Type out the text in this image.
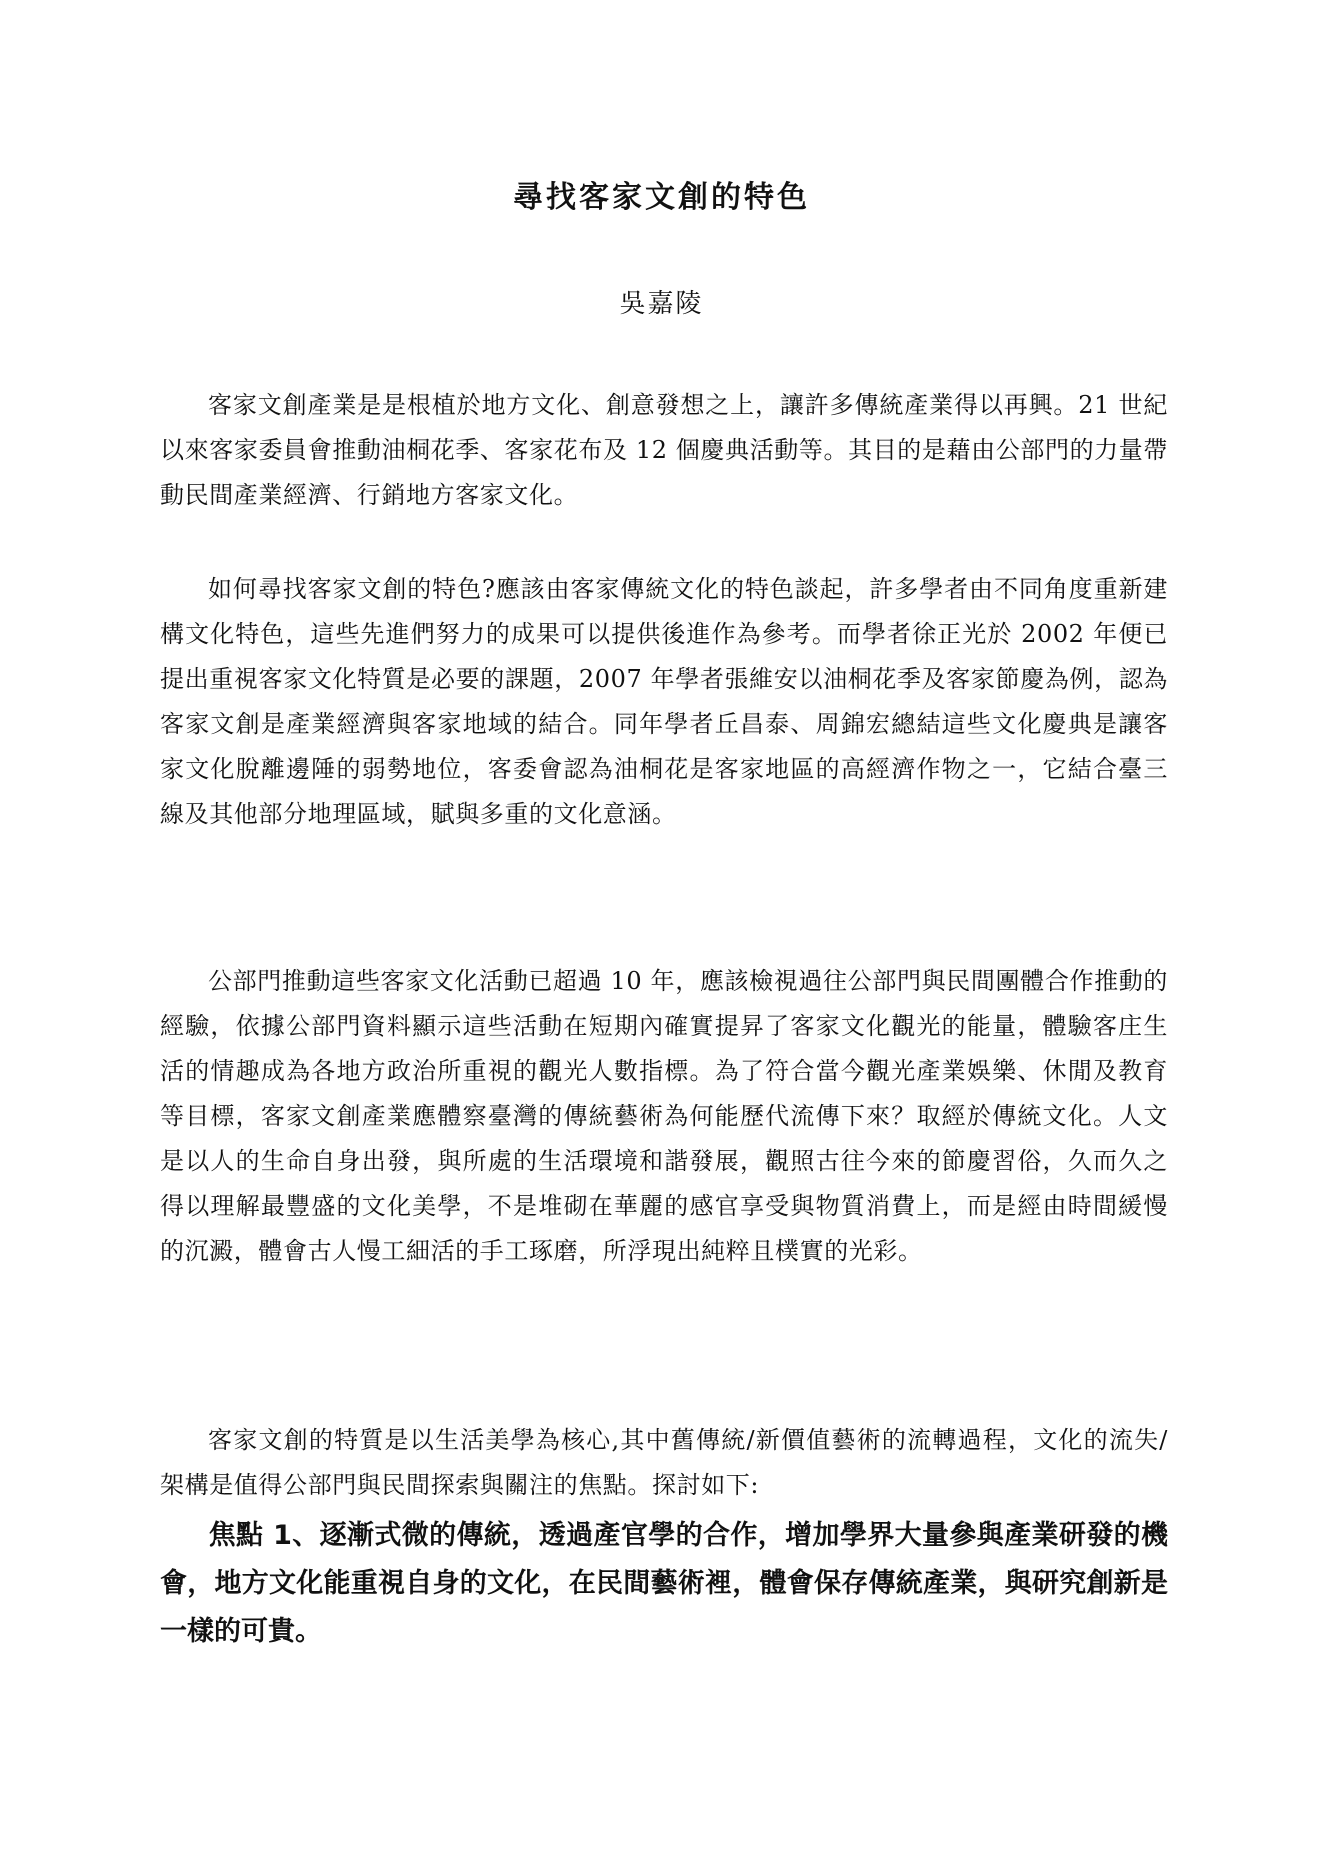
尋找客家文創的特色

吳嘉陵

客家文創產業是是根植於地方文化、創意發想之上，讓許多傳統產業得以再興。21 世紀以來客家委員會推動油桐花季、客家花布及 12 個慶典活動等。其目的是藉由公部門的力量帶動民間產業經濟、行銷地方客家文化。

如何尋找客家文創的特色?應該由客家傳統文化的特色談起，許多學者由不同角度重新建構文化特色，這些先進們努力的成果可以提供後進作為參考。而學者徐正光於 2002 年便已提出重視客家文化特質是必要的課題，2007 年學者張維安以油桐花季及客家節慶為例，認為客家文創是產業經濟與客家地域的結合。同年學者丘昌泰、周錦宏總結這些文化慶典是讓客家文化脫離邊陲的弱勢地位，客委會認為油桐花是客家地區的高經濟作物之一，它結合臺三線及其他部分地理區域，賦與多重的文化意涵。

公部門推動這些客家文化活動已超過 10 年，應該檢視過往公部門與民間團體合作推動的經驗，依據公部門資料顯示這些活動在短期內確實提昇了客家文化觀光的能量，體驗客庄生活的情趣成為各地方政治所重視的觀光人數指標。為了符合當今觀光產業娛樂、休閒及教育等目標，客家文創產業應體察臺灣的傳統藝術為何能歷代流傳下來？取經於傳統文化。人文是以人的生命自身出發，與所處的生活環境和諧發展，觀照古往今來的節慶習俗，久而久之得以理解最豐盛的文化美學，不是堆砌在華麗的感官享受與物質消費上，而是經由時間緩慢的沉澱，體會古人慢工細活的手工琢磨，所浮現出純粹且樸實的光彩。

客家文創的特質是以生活美學為核心,其中舊傳統/新價值藝術的流轉過程，文化的流失/架構是值得公部門與民間探索與關注的焦點。探討如下:

焦點 1、逐漸式微的傳統，透過產官學的合作，增加學界大量參與產業研發的機會，地方文化能重視自身的文化，在民間藝術裡，體會保存傳統產業，與研究創新是一樣的可貴。
